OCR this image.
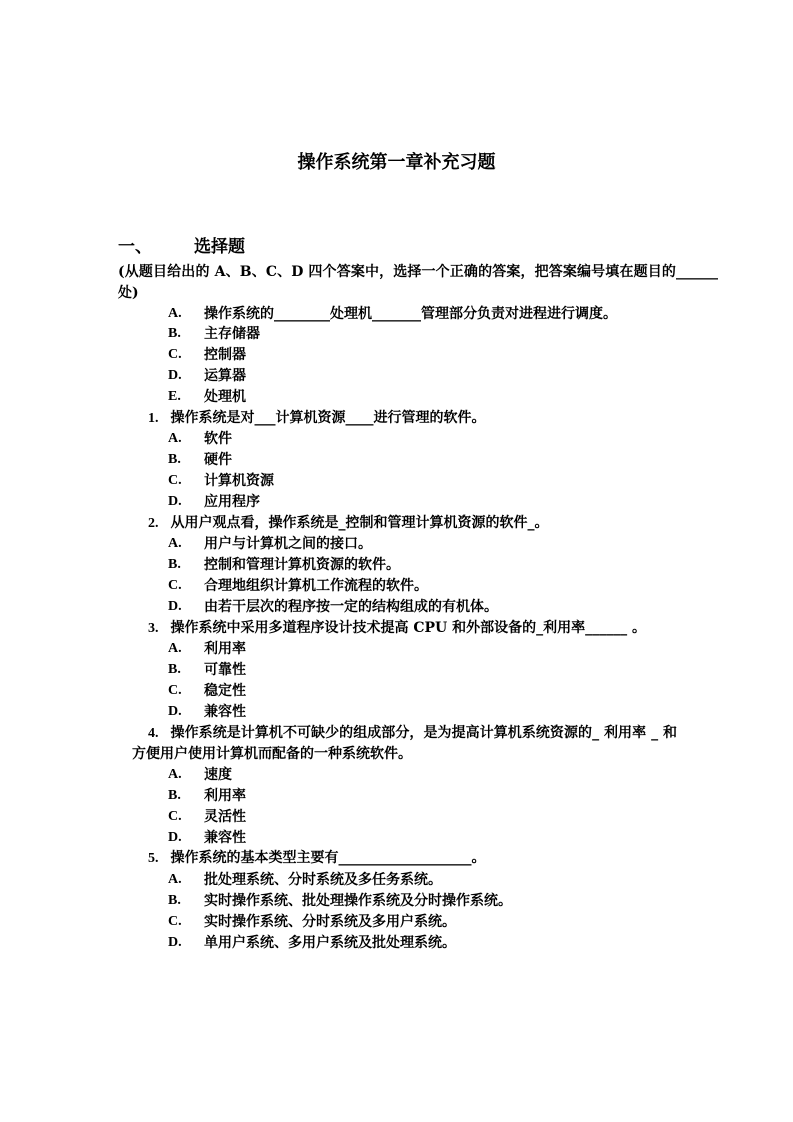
操作系统第一章补充习题
一、 选择题
(从题目给出的 A、B、C、D 四个答案中，选择一个正确的答案，把答案编号填在题目的______处)
A.	操作系统的________处理机_______管理部分负责对进程进行调度。
B.	主存储器
C.	控制器
D.	运算器
E.	处理机
1. 操作系统是对___计算机资源____进行管理的软件。
A.	软件
B.	硬件
C.	计算机资源
D.	应用程序
2. 从用户观点看，操作系统是_控制和管理计算机资源的软件_。
A.	用户与计算机之间的接口。
B.	控制和管理计算机资源的软件。
C.	合理地组织计算机工作流程的软件。
D.	由若干层次的程序按一定的结构组成的有机体。
3. 操作系统中采用多道程序设计技术提高 CPU 和外部设备的_利用率______ 。
A.	利用率
B.	可靠性
C.	稳定性
D.	兼容性
4. 操作系统是计算机不可缺少的组成部分，是为提高计算机系统资源的_ 利用率 _ 和方便用户使用计算机而配备的一种系统软件。
A.	速度
B.	利用率
C.	灵活性
D.	兼容性
5. 操作系统的基本类型主要有___________________。
A.	批处理系统、分时系统及多任务系统。
B.	实时操作系统、批处理操作系统及分时操作系统。
C.	实时操作系统、分时系统及多用户系统。
D.	单用户系统、多用户系统及批处理系统。
